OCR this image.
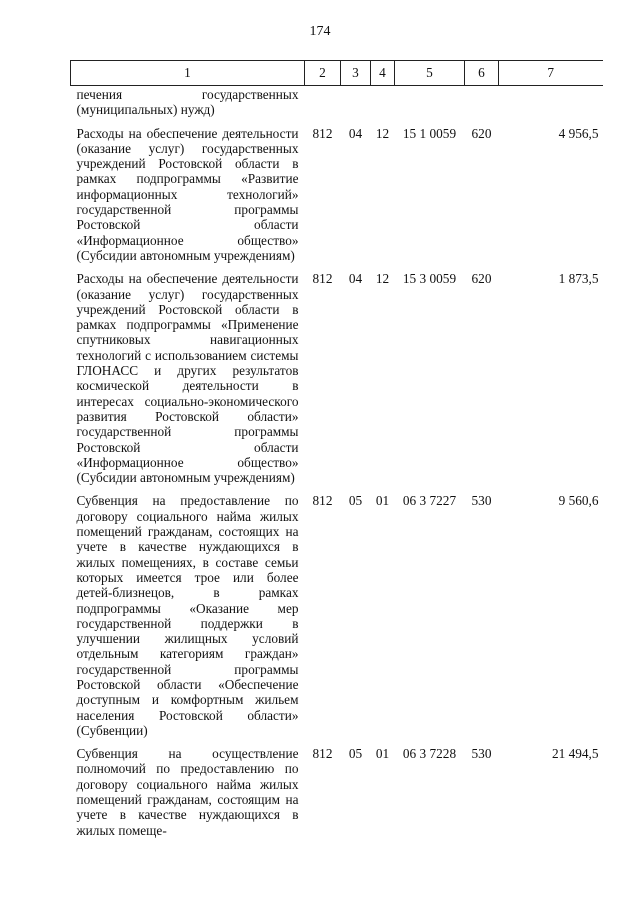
174
1	2	3	4	5	6	7
печения государственных (муниципальных) нужд)						

Расходы на обеспечение деятельности (оказание услуг) государственных учреждений Ростовской области в рамках подпрограммы «Развитие информационных технологий» государственной программы Ростовской области «Информационное общество» (Субсидии автономным учреждениям)	812	04	12	15 1 0059	620	4 956,5

Расходы на обеспечение деятельности (оказание услуг) государственных учреждений Ростовской области в рамках подпрограммы «Применение спутниковых навигационных технологий с использованием системы ГЛОНАСС и других результатов космической деятельности в интересах социально-экономического развития Ростовской области» государственной программы Ростовской области «Информационное общество» (Субсидии автономным учреждениям)	812	04	12	15 3 0059	620	1 873,5

Субвенция на предоставление по договору социального найма жилых помещений гражданам, состоящих на учете в качестве нуждающихся в жилых помещениях, в составе семьи которых имеется трое или более детей-близнецов, в рамках подпрограммы «Оказание мер государственной поддержки в улучшении жилищных условий отдельным категориям граждан» государственной программы Ростовской области «Обеспечение доступным и комфортным жильем населения Ростовской области» (Субвенции)	812	05	01	06 3 7227	530	9 560,6

Субвенция на осуществление полномочий по предоставлению по договору социального найма жилых помещений гражданам, состоящим на учете в качестве нуждающихся в жилых помеще-	812	05	01	06 3 7228	530	21 494,5
